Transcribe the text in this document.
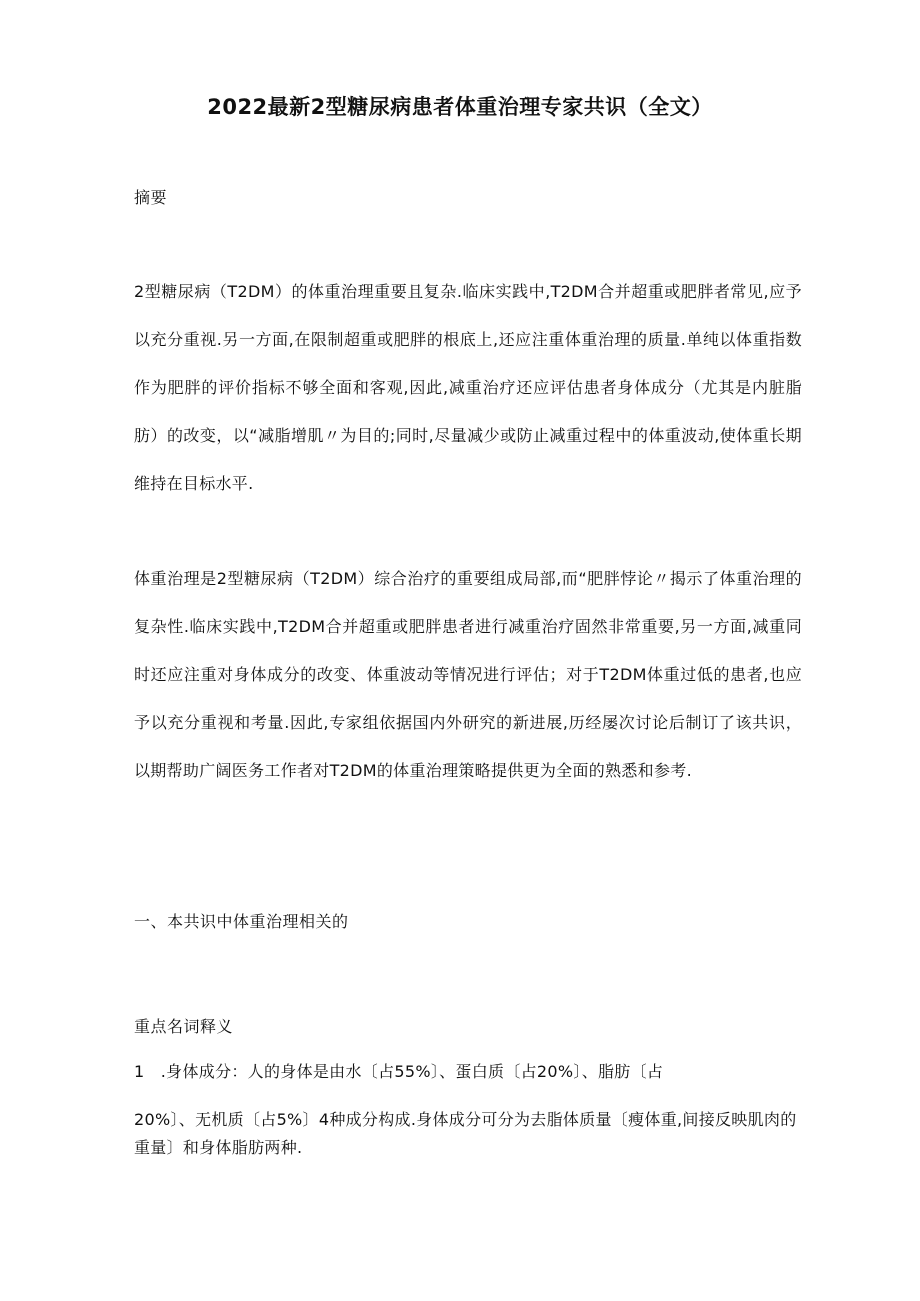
2022最新2型糖尿病患者体重治理专家共识（全文）
摘要
2型糖尿病（T2DM）的体重治理重要且复杂.临床实践中,T2DM合并超重或肥胖者常见,应予以充分重视.另一方面,在限制超重或肥胖的根底上,还应注重体重治理的质量.单纯以体重指数作为肥胖的评价指标不够全面和客观,因此,减重治疗还应评估患者身体成分（尤其是内脏脂肪）的改变，以“减脂增肌〃为目的;同时,尽量减少或防止减重过程中的体重波动,使体重长期维持在目标水平.
体重治理是2型糖尿病（T2DM）综合治疗的重要组成局部,而“肥胖悖论〃揭示了体重治理的复杂性.临床实践中,T2DM合并超重或肥胖患者进行减重治疗固然非常重要,另一方面,减重同时还应注重对身体成分的改变、体重波动等情况进行评估；对于T2DM体重过低的患者,也应予以充分重视和考量.因此,专家组依据国内外研究的新进展,历经屡次讨论后制订了该共识，以期帮助广阔医务工作者对T2DM的体重治理策略提供更为全面的熟悉和参考.
一、本共识中体重治理相关的
重点名词释义
1　.身体成分：人的身体是由水〔占55%〕、蛋白质〔占20%〕、脂肪〔占
20%〕、无机质〔占5%〕4种成分构成.身体成分可分为去脂体质量〔瘦体重,间接反映肌肉的重量〕和身体脂肪两种.
